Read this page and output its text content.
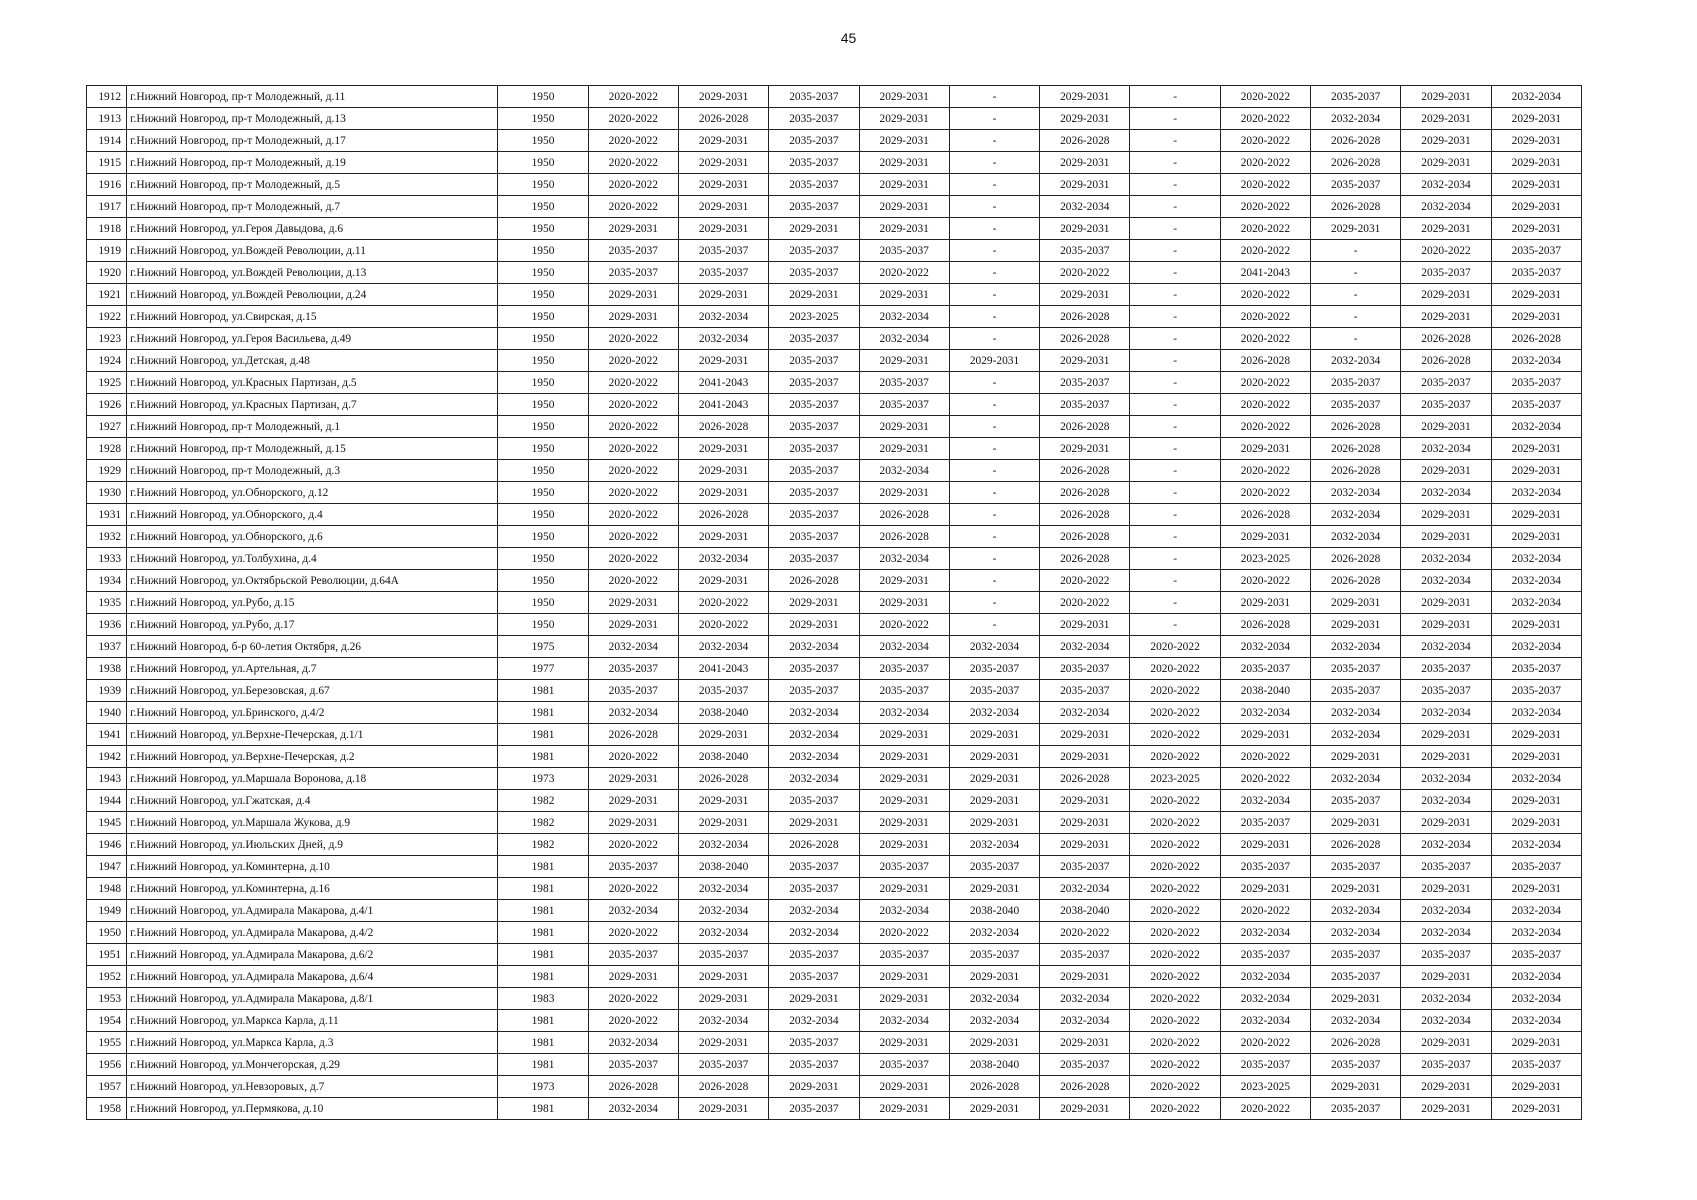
45
1912	г.Нижний Новгород, пр-т Молодежный, д.11	1950	2020-2022	2029-2031	2035-2037	2029-2031	-	2029-2031	-	2020-2022	2035-2037	2029-2031	2032-2034
1913	г.Нижний Новгород, пр-т Молодежный, д.13	1950	2020-2022	2026-2028	2035-2037	2029-2031	-	2029-2031	-	2020-2022	2032-2034	2029-2031	2029-2031
1914	г.Нижний Новгород, пр-т Молодежный, д.17	1950	2020-2022	2029-2031	2035-2037	2029-2031	-	2026-2028	-	2020-2022	2026-2028	2029-2031	2029-2031
1915	г.Нижний Новгород, пр-т Молодежный, д.19	1950	2020-2022	2029-2031	2035-2037	2029-2031	-	2029-2031	-	2020-2022	2026-2028	2029-2031	2029-2031
1916	г.Нижний Новгород, пр-т Молодежный, д.5	1950	2020-2022	2029-2031	2035-2037	2029-2031	-	2029-2031	-	2020-2022	2035-2037	2032-2034	2029-2031
1917	г.Нижний Новгород, пр-т Молодежный, д.7	1950	2020-2022	2029-2031	2035-2037	2029-2031	-	2032-2034	-	2020-2022	2026-2028	2032-2034	2029-2031
1918	г.Нижний Новгород, ул.Героя Давыдова, д.6	1950	2029-2031	2029-2031	2029-2031	2029-2031	-	2029-2031	-	2020-2022	2029-2031	2029-2031	2029-2031
1919	г.Нижний Новгород, ул.Вождей Революции, д.11	1950	2035-2037	2035-2037	2035-2037	2035-2037	-	2035-2037	-	2020-2022	-	2020-2022	2035-2037
1920	г.Нижний Новгород, ул.Вождей Революции, д.13	1950	2035-2037	2035-2037	2035-2037	2020-2022	-	2020-2022	-	2041-2043	-	2035-2037	2035-2037
1921	г.Нижний Новгород, ул.Вождей Революции, д.24	1950	2029-2031	2029-2031	2029-2031	2029-2031	-	2029-2031	-	2020-2022	-	2029-2031	2029-2031
1922	г.Нижний Новгород, ул.Свирская, д.15	1950	2029-2031	2032-2034	2023-2025	2032-2034	-	2026-2028	-	2020-2022	-	2029-2031	2029-2031
1923	г.Нижний Новгород, ул.Героя Васильева, д.49	1950	2020-2022	2032-2034	2035-2037	2032-2034	-	2026-2028	-	2020-2022	-	2026-2028	2026-2028
1924	г.Нижний Новгород, ул.Детская, д.48	1950	2020-2022	2029-2031	2035-2037	2029-2031	2029-2031	2029-2031	-	2026-2028	2032-2034	2026-2028	2032-2034
1925	г.Нижний Новгород, ул.Красных Партизан, д.5	1950	2020-2022	2041-2043	2035-2037	2035-2037	-	2035-2037	-	2020-2022	2035-2037	2035-2037	2035-2037
1926	г.Нижний Новгород, ул.Красных Партизан, д.7	1950	2020-2022	2041-2043	2035-2037	2035-2037	-	2035-2037	-	2020-2022	2035-2037	2035-2037	2035-2037
1927	г.Нижний Новгород, пр-т Молодежный, д.1	1950	2020-2022	2026-2028	2035-2037	2029-2031	-	2026-2028	-	2020-2022	2026-2028	2029-2031	2032-2034
1928	г.Нижний Новгород, пр-т Молодежный, д.15	1950	2020-2022	2029-2031	2035-2037	2029-2031	-	2029-2031	-	2029-2031	2026-2028	2032-2034	2029-2031
1929	г.Нижний Новгород, пр-т Молодежный, д.3	1950	2020-2022	2029-2031	2035-2037	2032-2034	-	2026-2028	-	2020-2022	2026-2028	2029-2031	2029-2031
1930	г.Нижний Новгород, ул.Обнорского, д.12	1950	2020-2022	2029-2031	2035-2037	2029-2031	-	2026-2028	-	2020-2022	2032-2034	2032-2034	2032-2034
1931	г.Нижний Новгород, ул.Обнорского, д.4	1950	2020-2022	2026-2028	2035-2037	2026-2028	-	2026-2028	-	2026-2028	2032-2034	2029-2031	2029-2031
1932	г.Нижний Новгород, ул.Обнорского, д.6	1950	2020-2022	2029-2031	2035-2037	2026-2028	-	2026-2028	-	2029-2031	2032-2034	2029-2031	2029-2031
1933	г.Нижний Новгород, ул.Толбухина, д.4	1950	2020-2022	2032-2034	2035-2037	2032-2034	-	2026-2028	-	2023-2025	2026-2028	2032-2034	2032-2034
1934	г.Нижний Новгород, ул.Октябрьской Революции, д.64А	1950	2020-2022	2029-2031	2026-2028	2029-2031	-	2020-2022	-	2020-2022	2026-2028	2032-2034	2032-2034
1935	г.Нижний Новгород, ул.Рубо, д.15	1950	2029-2031	2020-2022	2029-2031	2029-2031	-	2020-2022	-	2029-2031	2029-2031	2029-2031	2032-2034
1936	г.Нижний Новгород, ул.Рубо, д.17	1950	2029-2031	2020-2022	2029-2031	2020-2022	-	2029-2031	-	2026-2028	2029-2031	2029-2031	2029-2031
1937	г.Нижний Новгород, б-р 60-летия Октября, д.26	1975	2032-2034	2032-2034	2032-2034	2032-2034	2032-2034	2032-2034	2020-2022	2032-2034	2032-2034	2032-2034	2032-2034
1938	г.Нижний Новгород, ул.Артельная, д.7	1977	2035-2037	2041-2043	2035-2037	2035-2037	2035-2037	2035-2037	2020-2022	2035-2037	2035-2037	2035-2037	2035-2037
1939	г.Нижний Новгород, ул.Березовская, д.67	1981	2035-2037	2035-2037	2035-2037	2035-2037	2035-2037	2035-2037	2020-2022	2038-2040	2035-2037	2035-2037	2035-2037
1940	г.Нижний Новгород, ул.Бринского, д.4/2	1981	2032-2034	2038-2040	2032-2034	2032-2034	2032-2034	2032-2034	2020-2022	2032-2034	2032-2034	2032-2034	2032-2034
1941	г.Нижний Новгород, ул.Верхне-Печерская, д.1/1	1981	2026-2028	2029-2031	2032-2034	2029-2031	2029-2031	2029-2031	2020-2022	2029-2031	2032-2034	2029-2031	2029-2031
1942	г.Нижний Новгород, ул.Верхне-Печерская, д.2	1981	2020-2022	2038-2040	2032-2034	2029-2031	2029-2031	2029-2031	2020-2022	2020-2022	2029-2031	2029-2031	2029-2031
1943	г.Нижний Новгород, ул.Маршала Воронова, д.18	1973	2029-2031	2026-2028	2032-2034	2029-2031	2029-2031	2026-2028	2023-2025	2020-2022	2032-2034	2032-2034	2032-2034
1944	г.Нижний Новгород, ул.Гжатская, д.4	1982	2029-2031	2029-2031	2035-2037	2029-2031	2029-2031	2029-2031	2020-2022	2032-2034	2035-2037	2032-2034	2029-2031
1945	г.Нижний Новгород, ул.Маршала Жукова, д.9	1982	2029-2031	2029-2031	2029-2031	2029-2031	2029-2031	2029-2031	2020-2022	2035-2037	2029-2031	2029-2031	2029-2031
1946	г.Нижний Новгород, ул.Июльских Дней, д.9	1982	2020-2022	2032-2034	2026-2028	2029-2031	2032-2034	2029-2031	2020-2022	2029-2031	2026-2028	2032-2034	2032-2034
1947	г.Нижний Новгород, ул.Коминтерна, д.10	1981	2035-2037	2038-2040	2035-2037	2035-2037	2035-2037	2035-2037	2020-2022	2035-2037	2035-2037	2035-2037	2035-2037
1948	г.Нижний Новгород, ул.Коминтерна, д.16	1981	2020-2022	2032-2034	2035-2037	2029-2031	2029-2031	2032-2034	2020-2022	2029-2031	2029-2031	2029-2031	2029-2031
1949	г.Нижний Новгород, ул.Адмирала Макарова, д.4/1	1981	2032-2034	2032-2034	2032-2034	2032-2034	2038-2040	2038-2040	2020-2022	2020-2022	2032-2034	2032-2034	2032-2034
1950	г.Нижний Новгород, ул.Адмирала Макарова, д.4/2	1981	2020-2022	2032-2034	2032-2034	2020-2022	2032-2034	2020-2022	2020-2022	2032-2034	2032-2034	2032-2034	2032-2034
1951	г.Нижний Новгород, ул.Адмирала Макарова, д.6/2	1981	2035-2037	2035-2037	2035-2037	2035-2037	2035-2037	2035-2037	2020-2022	2035-2037	2035-2037	2035-2037	2035-2037
1952	г.Нижний Новгород, ул.Адмирала Макарова, д.6/4	1981	2029-2031	2029-2031	2035-2037	2029-2031	2029-2031	2029-2031	2020-2022	2032-2034	2035-2037	2029-2031	2032-2034
1953	г.Нижний Новгород, ул.Адмирала Макарова, д.8/1	1983	2020-2022	2029-2031	2029-2031	2029-2031	2032-2034	2032-2034	2020-2022	2032-2034	2029-2031	2032-2034	2032-2034
1954	г.Нижний Новгород, ул.Маркса Карла, д.11	1981	2020-2022	2032-2034	2032-2034	2032-2034	2032-2034	2032-2034	2020-2022	2032-2034	2032-2034	2032-2034	2032-2034
1955	г.Нижний Новгород, ул.Маркса Карла, д.3	1981	2032-2034	2029-2031	2035-2037	2029-2031	2029-2031	2029-2031	2020-2022	2020-2022	2026-2028	2029-2031	2029-2031
1956	г.Нижний Новгород, ул.Мончегорская, д.29	1981	2035-2037	2035-2037	2035-2037	2035-2037	2038-2040	2035-2037	2020-2022	2035-2037	2035-2037	2035-2037	2035-2037
1957	г.Нижний Новгород, ул.Невзоровых, д.7	1973	2026-2028	2026-2028	2029-2031	2029-2031	2026-2028	2026-2028	2020-2022	2023-2025	2029-2031	2029-2031	2029-2031
1958	г.Нижний Новгород, ул.Пермякова, д.10	1981	2032-2034	2029-2031	2035-2037	2029-2031	2029-2031	2029-2031	2020-2022	2020-2022	2035-2037	2029-2031	2029-2031
